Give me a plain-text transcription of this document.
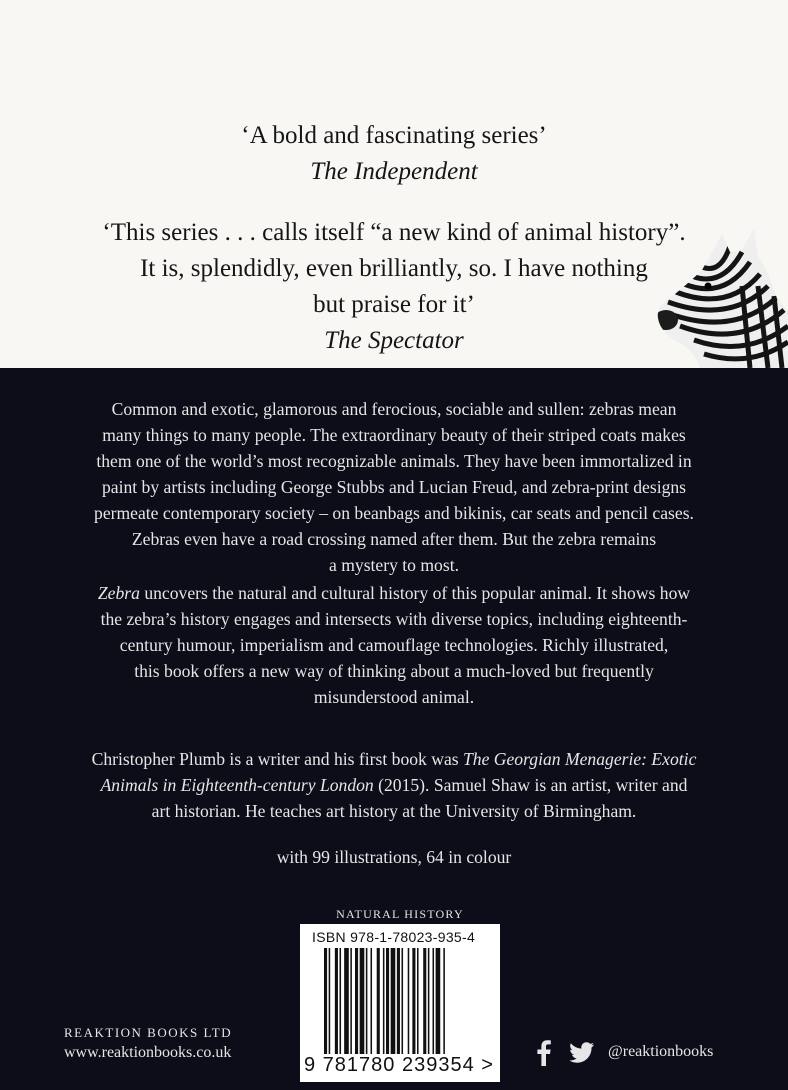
‘A bold and fascinating series’
The Independent
‘This series . . . calls itself “a new kind of animal history”.
It is, splendidly, even brilliantly, so. I have nothing
but praise for it’
The Spectator
Common and exotic, glamorous and ferocious, sociable and sullen: zebras mean
many things to many people. The extraordinary beauty of their striped coats makes
them one of the world’s most recognizable animals. They have been immortalized in
paint by artists including George Stubbs and Lucian Freud, and zebra-print designs
permeate contemporary society – on beanbags and bikinis, car seats and pencil cases.
Zebras even have a road crossing named after them. But the zebra remains
a mystery to most.
Zebra uncovers the natural and cultural history of this popular animal. It shows how
the zebra’s history engages and intersects with diverse topics, including eighteenth-
century humour, imperialism and camouflage technologies. Richly illustrated,
this book offers a new way of thinking about a much-loved but frequently
misunderstood animal.
Christopher Plumb is a writer and his first book was The Georgian Menagerie: Exotic
Animals in Eighteenth-century London (2015). Samuel Shaw is an artist, writer and
art historian. He teaches art history at the University of Birmingham.
with 99 illustrations, 64 in colour
NATURAL HISTORY
ISBN 978-1-78023-935-4
9 781780 239354 >
REAKTION BOOKS LTD
www.reaktionbooks.co.uk	@reaktionbooks
